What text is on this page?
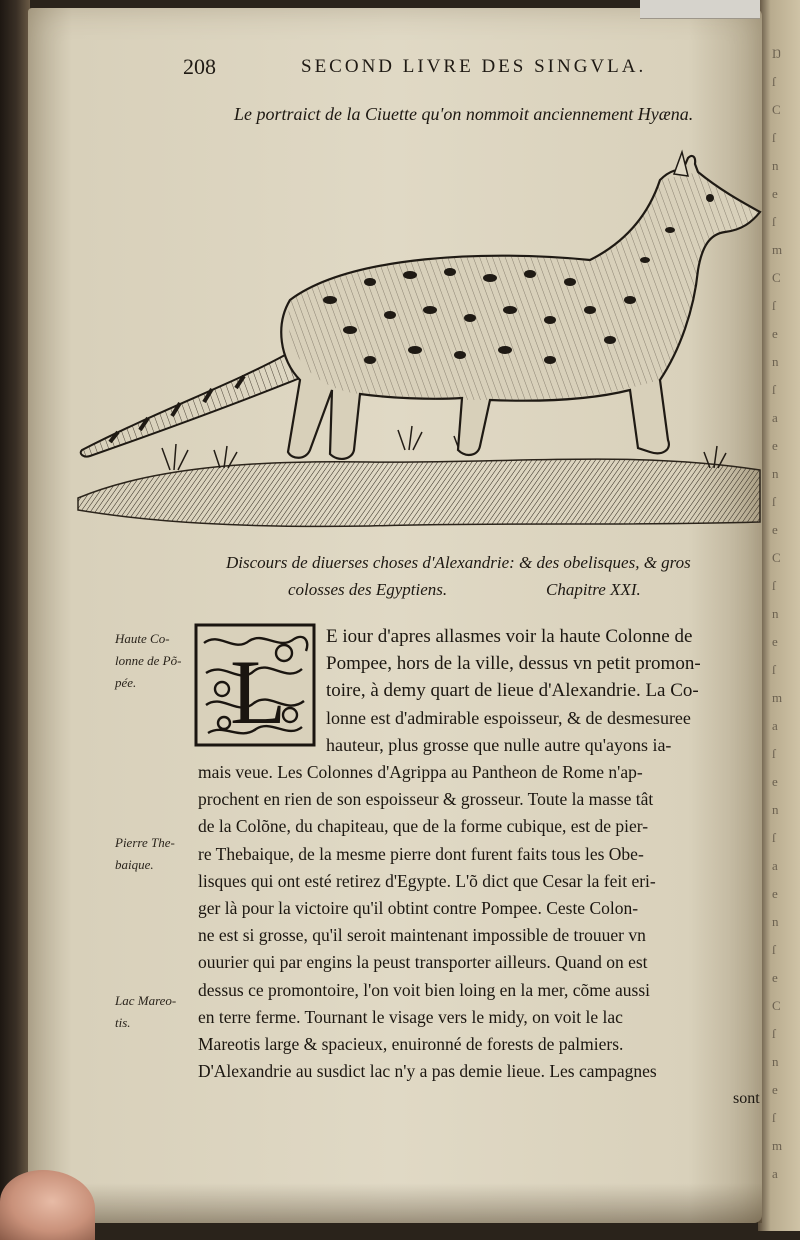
Ŋ
ſ
C
ſ
n
e
ſ
m
C
ſ
e
n
ſ
a
e
n
ſ
e
C
ſ
n
e
ſ
m
a
ſ
e
n
ſ
a
e
n
ſ
e
C
ſ
n
e
ſ
m
a
208	SECOND LIVRE DES SINGVLA.
Le portraict de la Ciuette qu'on nommoit anciennement Hyæna.
Discours de diuerses choses d'Alexandrie: & des obelisques, & gros
colosses des Egyptiens.	Chapitre XXI.
Haute Co-
lonne de Põ-
pée.
Pierre The-
baique.
Lac Mareo-
tis.
L
E iour d'apres allasmes voir la haute Colonne de
Pompee, hors de la ville, dessus vn petit promon-
toire, à demy quart de lieue d'Alexandrie. La Co-
lonne est d'admirable espoisseur, & de desmesuree
hauteur, plus grosse que nulle autre qu'ayons ia-
mais veue. Les Colonnes d'Agrippa au Pantheon de Rome n'ap-
prochent en rien de son espoisseur & grosseur. Toute la masse tât
de la Colõne, du chapiteau, que de la forme cubique, est de pier-
re Thebaique, de la mesme pierre dont furent faits tous les Obe-
lisques qui ont esté retirez d'Egypte. L'õ dict que Cesar la feit eri-
ger là pour la victoire qu'il obtint contre Pompee. Ceste Colon-
ne est si grosse, qu'il seroit maintenant impossible de trouuer vn
ouurier qui par engins la peust transporter ailleurs. Quand on est
dessus ce promontoire, l'on voit bien loing en la mer, cõme aussi
en terre ferme. Tournant le visage vers le midy, on voit le lac
Mareotis large & spacieux, enuironné de forests de palmiers.
D'Alexandrie au susdict lac n'y a pas demie lieue. Les campagnes
sont
